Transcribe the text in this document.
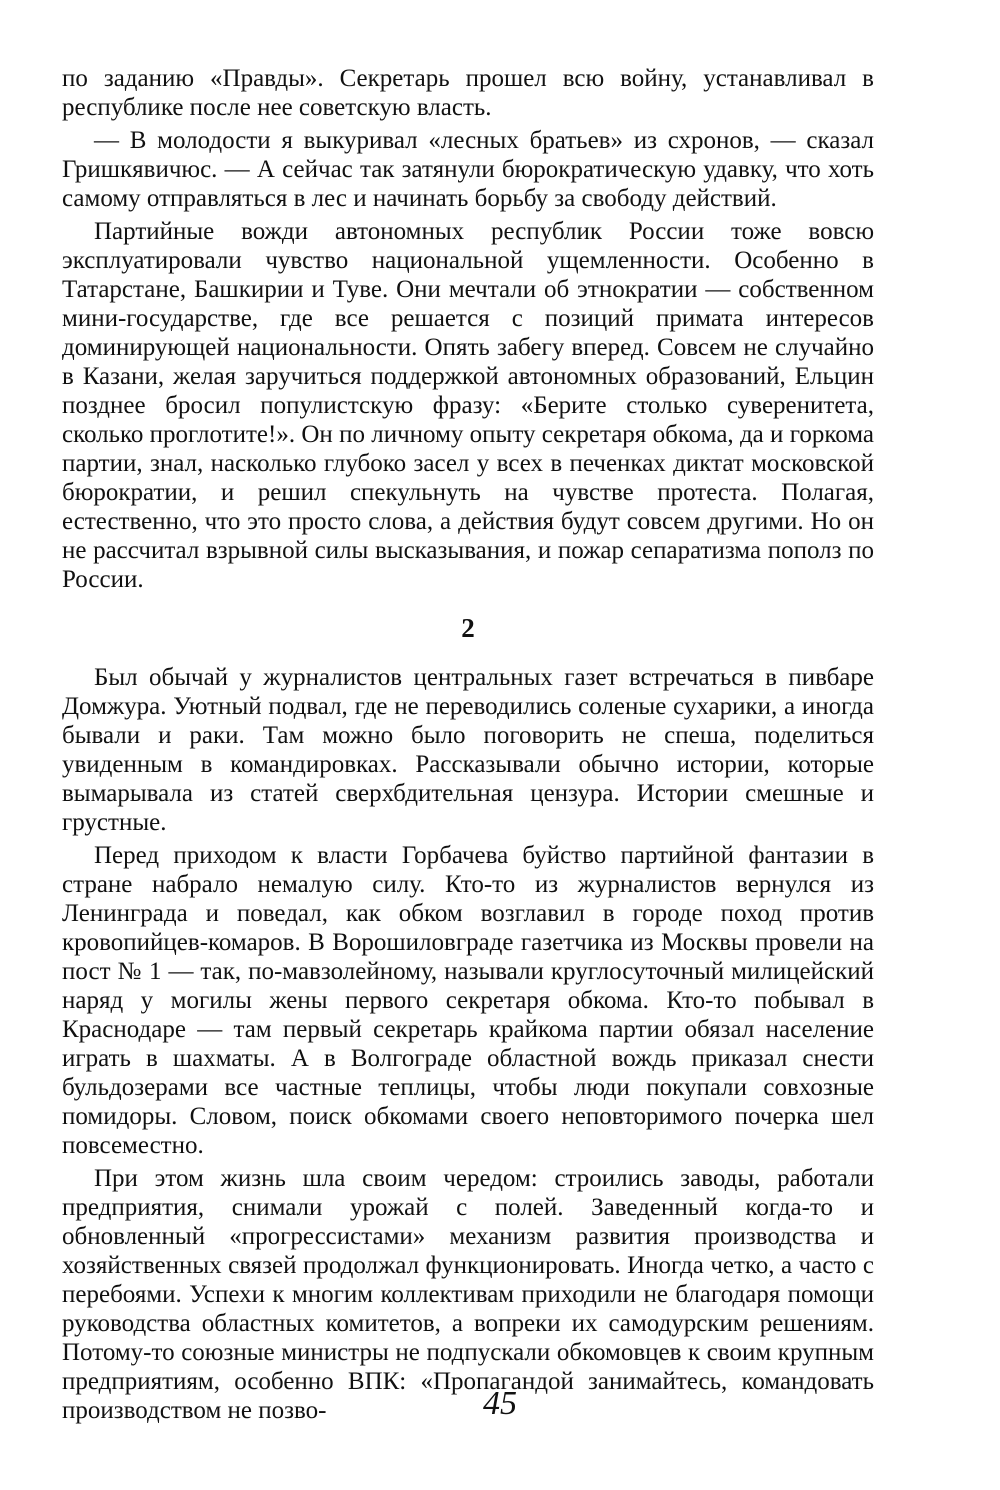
по заданию «Правды». Секретарь прошел всю войну, устанавливал в республике после нее советскую власть.

— В молодости я выкуривал «лесных братьев» из схронов, — сказал Гришкявичюс. — А сейчас так затянули бюрократическую удавку, что хоть самому отправляться в лес и начинать борьбу за свободу действий.

Партийные вожди автономных республик России тоже вовсю эксплуатировали чувство национальной ущемленности. Особенно в Татарстане, Башкирии и Туве. Они мечтали об этнократии — собственном мини-государстве, где все решается с позиций примата интересов доминирующей национальности. Опять забегу вперед. Совсем не случайно в Казани, желая заручиться поддержкой автономных образований, Ельцин позднее бросил популистскую фразу: «Берите столько суверенитета, сколько проглотите!». Он по личному опыту секретаря обкома, да и горкома партии, знал, насколько глубоко засел у всех в печенках диктат московской бюрократии, и решил спекульнуть на чувстве протеста. Полагая, естественно, что это просто слова, а действия будут совсем другими. Но он не рассчитал взрывной силы высказывания, и пожар сепаратизма пополз по России.

2

Был обычай у журналистов центральных газет встречаться в пивбаре Домжура. Уютный подвал, где не переводились соленые сухарики, а иногда бывали и раки. Там можно было поговорить не спеша, поделиться увиденным в командировках. Рассказывали обычно истории, которые вымарывала из статей сверхбдительная цензура. Истории смешные и грустные.

Перед приходом к власти Горбачева буйство партийной фантазии в стране набрало немалую силу. Кто-то из журналистов вернулся из Ленинграда и поведал, как обком возглавил в городе поход против кровопийцев-комаров. В Ворошиловграде газетчика из Москвы провели на пост № 1 — так, по-мавзолейному, называли круглосуточный милицейский наряд у могилы жены первого секретаря обкома. Кто-то побывал в Краснодаре — там первый секретарь крайкома партии обязал население играть в шахматы. А в Волгограде областной вождь приказал снести бульдозерами все частные теплицы, чтобы люди покупали совхозные помидоры. Словом, поиск обкомами своего неповторимого почерка шел повсеместно.

При этом жизнь шла своим чередом: строились заводы, работали предприятия, снимали урожай с полей. Заведенный когда-то и обновленный «прогрессистами» механизм развития производства и хозяйственных связей продолжал функционировать. Иногда четко, а часто с перебоями. Успехи к многим коллективам приходили не благодаря помощи руководства областных комитетов, а вопреки их самодурским решениям. Потому-то союзные министры не подпускали обкомовцев к своим крупным предприятиям, особенно ВПК: «Пропагандой занимайтесь, командовать производством не позво-	45
